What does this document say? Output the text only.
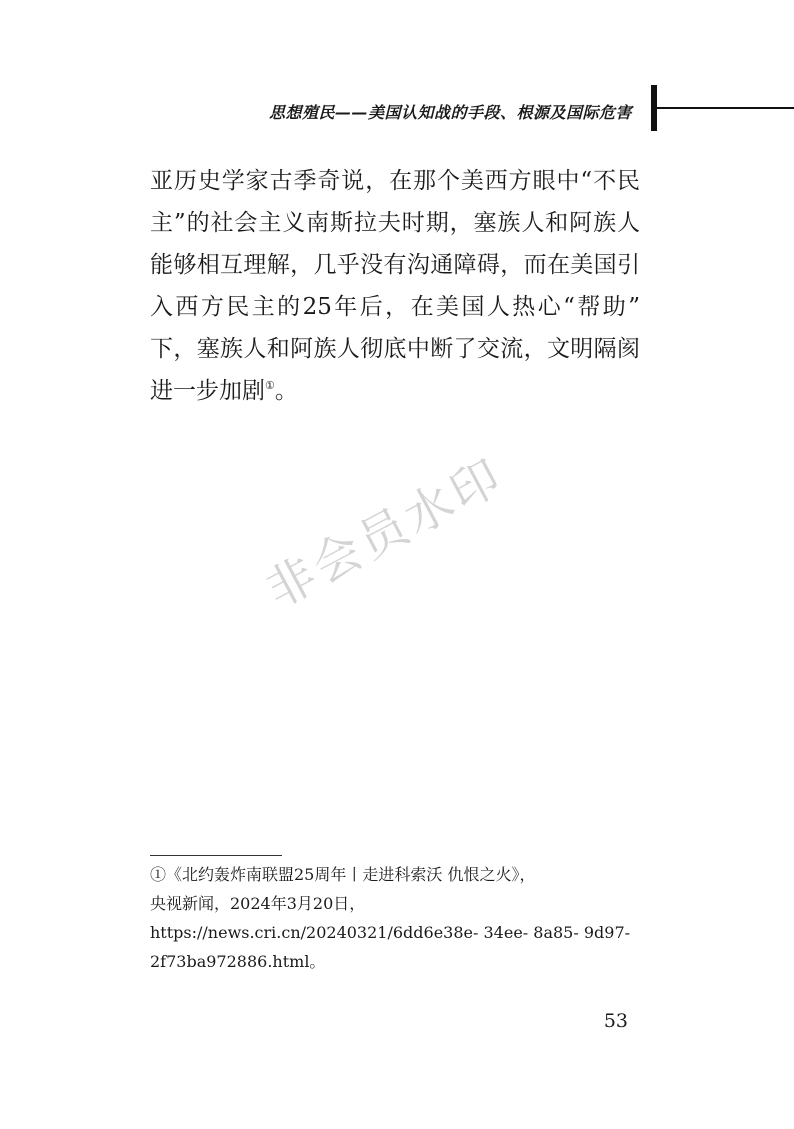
思想殖民——美国认知战的手段、根源及国际危害

亚历史学家古季奇说，在那个美西方眼中“不民
主”的社会主义南斯拉夫时期，塞族人和阿族人
能够相互理解，几乎没有沟通障碍，而在美国引
入西方民主的25年后，在美国人热心“帮助”
下，塞族人和阿族人彻底中断了交流，文明隔阂
进一步加剧①。

非会员水印
①《北约轰炸南联盟25周年丨走进科索沃 仇恨之火》，
央视新闻，2024年3月20日，
https://news.cri.cn/20240321/6dd6e38e- 34ee- 8a85- 9d97-
2f73ba972886.html。
53
